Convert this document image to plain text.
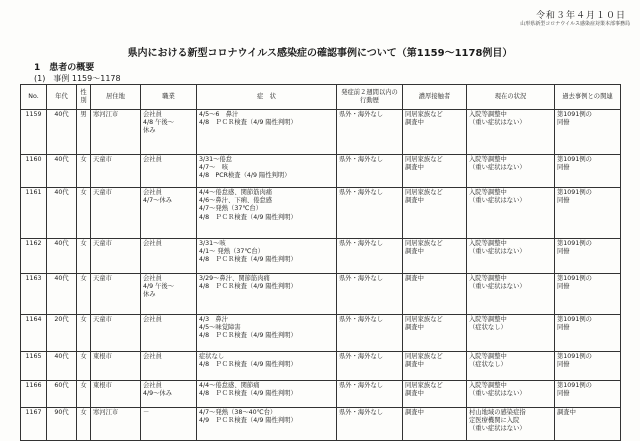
令和３年４月１０日
山形県新型コロナウイルス感染症対策本部事務局
県内における新型コロナウイルス感染症の確認事例について（第1159～1178例目）
1　患者の概要
(1)　事例 1159～1178
No.	年代	性別	居住地	職業	症　状	発症前２週間以内の行動歴	濃厚接触者	現在の状況	過去事例との関連
1159	40代	男	寒河江市	会社員
4/8 午後～
休み	4/5～6　鼻汁
4/8　ＰＣＲ検査（4/9 陽性判明）	県外・海外なし	同居家族など
調査中	入院等調整中
（重い症状はない）	第1091例の
同僚

1160	40代	女	天童市	会社員	3/31～倦怠
4/7～　咳
4/8　PCR検査（4/9 陽性判明）	県外・海外なし	同居家族など
調査中	入院等調整中
（重い症状はない）	第1091例の
同僚

1161	40代	女	天童市	会社員
4/7～休み	4/4～倦怠感、関節筋肉痛
4/6～鼻汁、下痢、倦怠感
4/7～発熱（37℃台）
4/8　ＰＣＲ検査（4/9 陽性判明）	県外・海外なし	同居家族など
調査中	入院等調整中
（重い症状はない）	第1091例の
同僚

1162	40代	女	天童市	会社員	3/31～咳
4/1～ 発熱（37℃台）
4/8　ＰＣＲ検査（4/9 陽性判明）	県外・海外なし	同居家族など
調査中	入院等調整中
（重い症状はない）	第1091例の
同僚

1163	40代	女	天童市	会社員
4/9 午後～
休み	3/29～鼻汁、関節筋肉痛
4/8　ＰＣＲ検査（4/9 陽性判明）	県外・海外なし	調査中	入院等調整中
（重い症状はない）	第1091例の
同僚

1164	20代	女	天童市	会社員	4/3　鼻汁
4/5～味覚障害
4/8　ＰＣＲ検査（4/9 陽性判明）	県外・海外なし	同居家族など
調査中	入院等調整中
（症状なし）	第1091例の
同僚

1165	40代	女	東根市	会社員	症状なし
4/8　ＰＣＲ検査（4/9 陽性判明）	県外・海外なし	同居家族など
調査中	入院等調整中
（症状なし）	第1091例の
同僚

1166	60代	女	東根市	会社員
4/9～休み	4/4～倦怠感、関節痛
4/8　ＰＣＲ検査（4/9 陽性判明）	県外・海外なし	同居家族など
調査中	入院等調整中
（重い症状はない）	第1091例の
同僚

1167	90代	女	寒河江市	－	4/7～発熱（38～40℃台）
4/9　ＰＣＲ検査（4/9 陽性判明）	県外・海外なし	調査中	村山地域の感染症指
定医療機関に入院
（重い症状はない）	調査中
